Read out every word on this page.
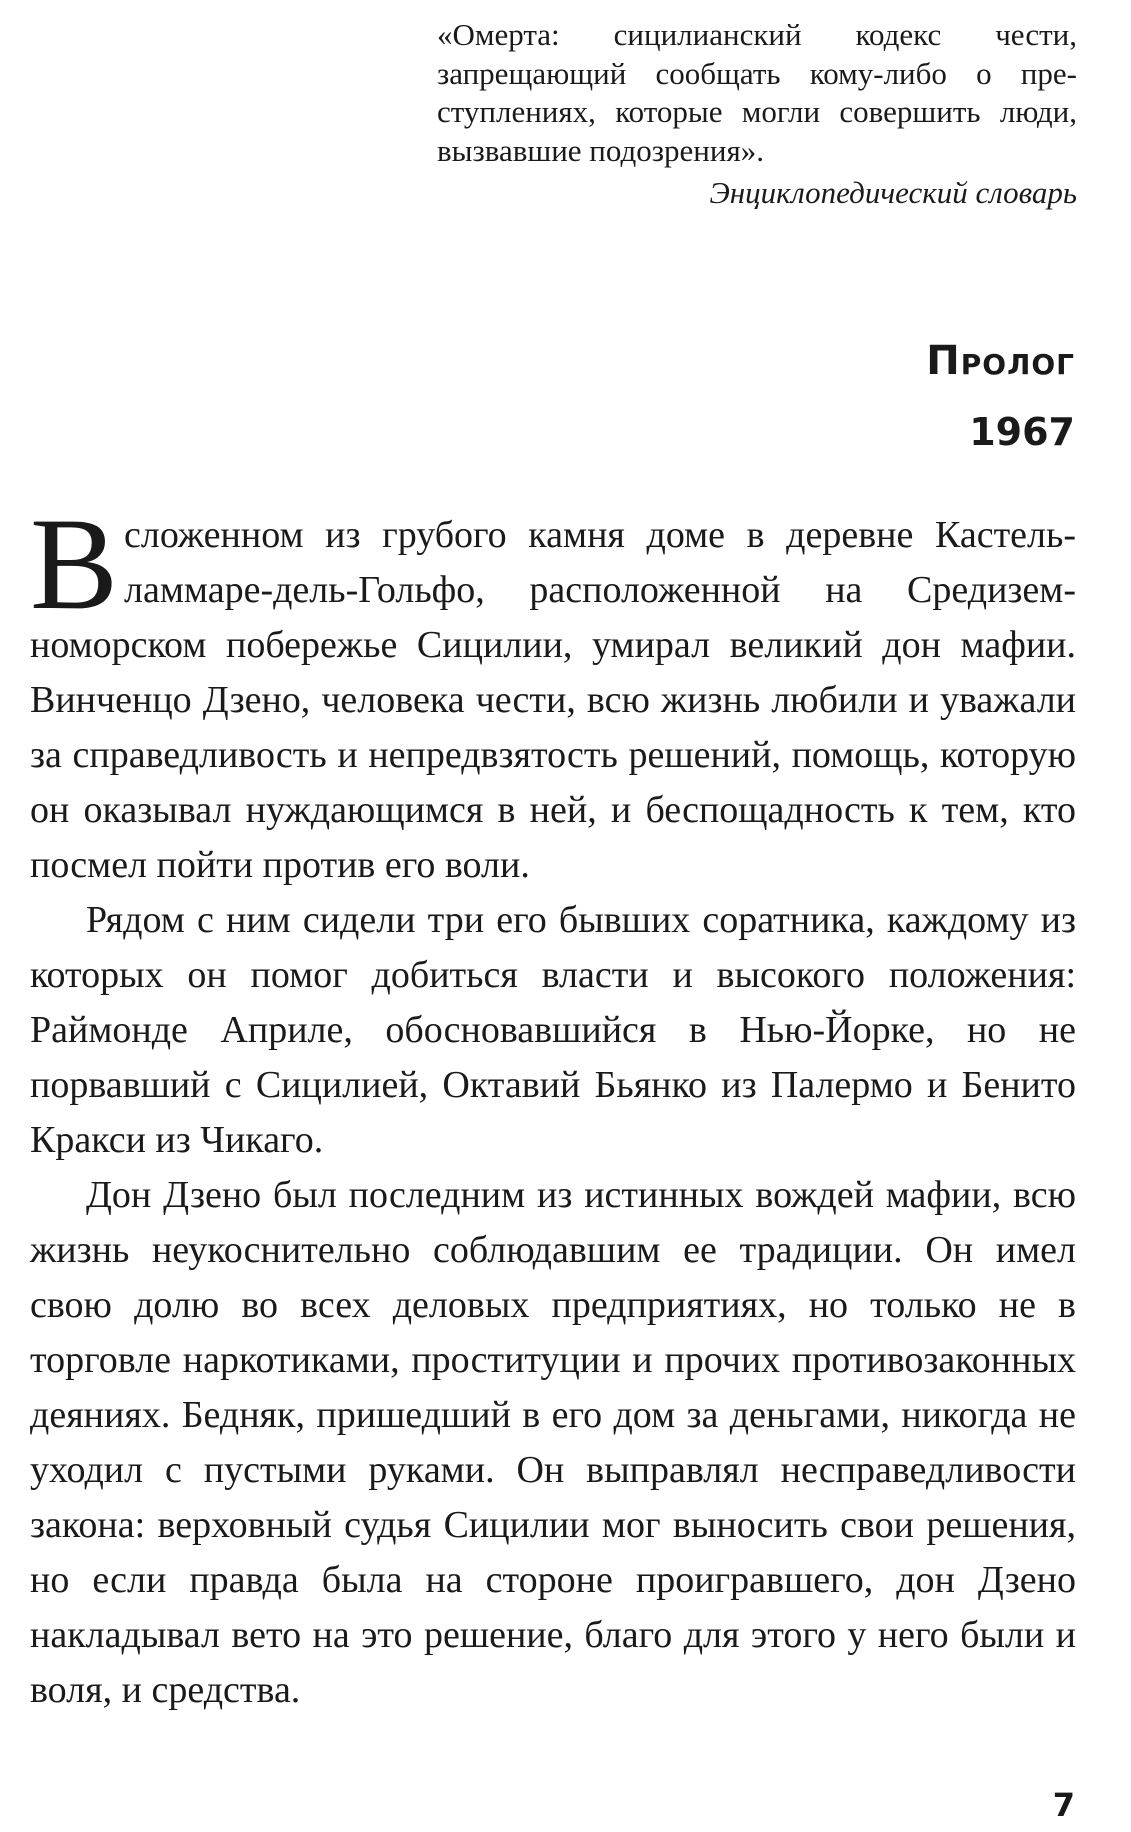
«Омерта: сицилианский кодекс чести, запрещающий сообщать кому-либо о преступлениях, которые могли совершить люди, вызвавшие подозрения».

Энциклопедический словарь

Пролог
1967

Всложенном из грубого камня доме в деревне Кастельламмаре-дель-Гольфо, расположенной на Средиземноморском побережье Сицилии, умирал великий дон мафии. Винченцо Дзено, человека чести, всю жизнь любили и уважали за справедливость и непредвзятость решений, помощь, которую он оказывал нуждающимся в ней, и беспощадность к тем, кто посмел пойти против его воли.

Рядом с ним сидели три его бывших соратника, каждому из которых он помог добиться власти и высокого положения: Раймонде Априле, обосновавшийся в Нью-Йорке, но не порвавший с Сицилией, Октавий Бьянко из Палермо и Бенито Кракси из Чикаго.

Дон Дзено был последним из истинных вождей мафии, всю жизнь неукоснительно соблюдавшим ее традиции. Он имел свою долю во всех деловых предприятиях, но только не в торговле наркотиками, проституции и прочих противозаконных деяниях. Бедняк, пришедший в его дом за деньгами, никогда не уходил с пустыми руками. Он выправлял несправедливости закона: верховный судья Сицилии мог выносить свои решения, но если правда была на стороне проигравшего, дон Дзено накладывал вето на это решение, благо для этого у него были и воля, и средства.

7
